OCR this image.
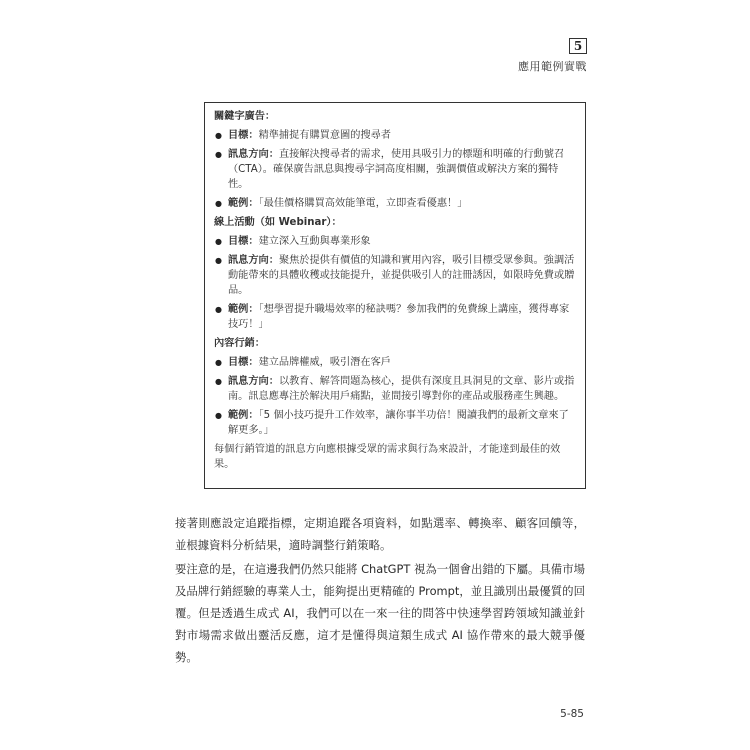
5
應用範例實戰
關鍵字廣告：
● 目標：精準捕捉有購買意圖的搜尋者
● 訊息方向：直接解決搜尋者的需求，使用具吸引力的標題和明確的行動號召（CTA）。確保廣告訊息與搜尋字詞高度相關，強調價值或解決方案的獨特性。
● 範例：「最佳價格購買高效能筆電，立即查看優惠！」
線上活動（如 Webinar）：
● 目標：建立深入互動與專業形象
● 訊息方向：聚焦於提供有價值的知識和實用內容，吸引目標受眾參與。強調活動能帶來的具體收穫或技能提升，並提供吸引人的註冊誘因，如限時免費或贈品。
● 範例：「想學習提升職場效率的秘訣嗎？參加我們的免費線上講座，獲得專家技巧！」
內容行銷：
● 目標：建立品牌權威，吸引潛在客戶
● 訊息方向：以教育、解答問題為核心，提供有深度且具洞見的文章、影片或指南。訊息應專注於解決用戶痛點，並間接引導對你的產品或服務產生興趣。
● 範例：「5 個小技巧提升工作效率，讓你事半功倍！閱讀我們的最新文章來了解更多。」
每個行銷管道的訊息方向應根據受眾的需求與行為來設計，才能達到最佳的效果。

接著則應設定追蹤指標，定期追蹤各項資料，如點選率、轉換率、顧客回饋等，並根據資料分析結果，適時調整行銷策略。

要注意的是，在這邊我們仍然只能將 ChatGPT 視為一個會出錯的下屬。具備市場及品牌行銷經驗的專業人士，能夠提出更精確的 Prompt，並且識別出最優質的回覆。但是透過生成式 AI，我們可以在一來一往的問答中快速學習跨領域知識並針對市場需求做出靈活反應，這才是懂得與這類生成式 AI 協作帶來的最大競爭優勢。

5-85
